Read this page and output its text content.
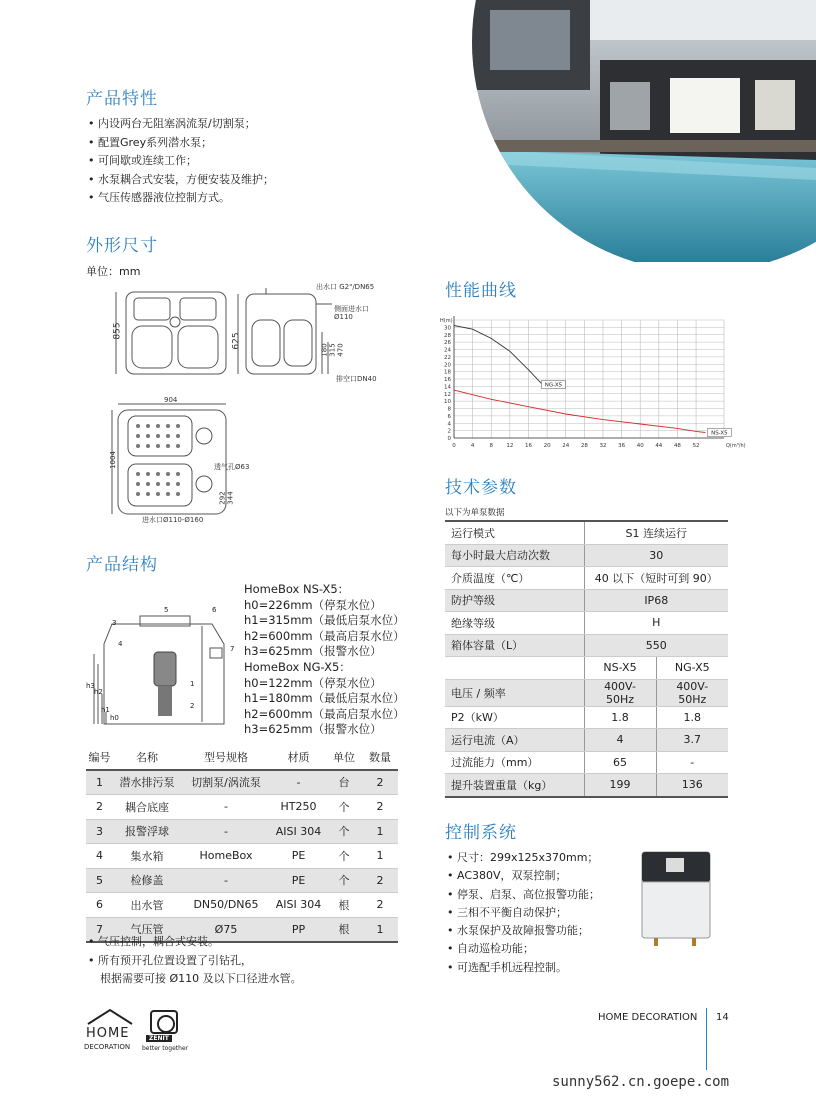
产品特性
• 内设两台无阻塞涡流泵/切割泵；
• 配置Grey系列潜水泵；
• 可间歇或连续工作；
• 水泵耦合式安装，方便安装及维护；
• 气压传感器液位控制方式。
外形尺寸
单位：mm
855
625
出水口 G2"/DN65
侧面进水口
Ø110
180 315 470
排空口DN40
904
1004	透气孔Ø63
292 344
进水口Ø110-Ø160
产品结构
5	6
3
4
7
1
2
h3
h2
h1
h0
HomeBox NS-X5：
h0=226mm（停泵水位）
h1=315mm（最低启泵水位）
h2=600mm（最高启泵水位）
h3=625mm（报警水位）
HomeBox NG-X5：
h0=122mm（停泵水位）
h1=180mm（最低启泵水位）
h2=600mm（最高启泵水位）
h3=625mm（报警水位）
编号	名称	型号规格	材质	单位	数量
1	潜水排污泵	切割泵/涡流泵	-	台	2
2	耦合底座	-	HT250	个	2
3	报警浮球	-	AISI 304	个	1
4	集水箱	HomeBox	PE	个	1
5	检修盖	-	PE	个	2
6	出水管	DN50/DN65	AISI 304	根	2
7	气压管	Ø75	PP	根	1
• 气压控制，耦合式安装。
• 所有预开孔位置设置了引钻孔，
根据需要可接 Ø110 及以下口径进水管。
性能曲线
0	4	8 12 16 20 24 28 32 36 40 44 48 52
0
2
4
6
8
10
12
14
16
18
20
22
24
26
28
30
Q(m³/h)
H(m)
NG-X5
NS-X5
技术参数
以下为单泵数据
运行模式	S1 连续运行	
每小时最大启动次数	30	
介质温度（℃）	40 以下（短时可到 90）	
防护等级	IP68	
绝缘等级	H	
箱体容量（L）	550	
	NS-X5	NG-X5
电压 / 频率	400V-50Hz	400V-50Hz
P2（kW）	1.8	1.8
运行电流（A）	4	3.7
过流能力（mm）	65	-
提升装置重量（kg）	199	136
控制系统
• 尺寸：299x125x370mm；
• AC380V，双泵控制；
• 停泵、启泵、高位报警功能；
• 三相不平衡自动保护；
• 水泵保护及故障报警功能；
• 自动巡检功能；
• 可选配手机远程控制。
HOME
DECORATION
ZENIT
better together
HOME DECORATION 14
sunny562.cn.goepe.com
